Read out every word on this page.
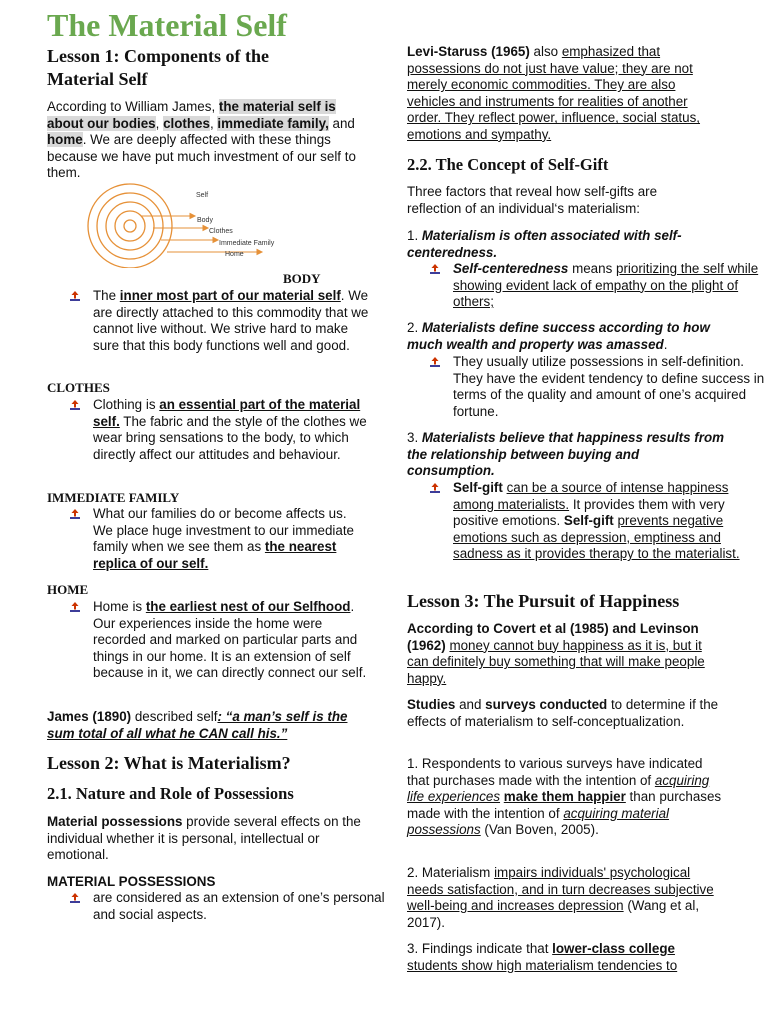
The Material Self
Lesson 1: Components of the
Material Self

According to William James, the material self is about our bodies, clothes, immediate family, and home. We are deeply affected with these things because we have put much investment of our self to them.

Self
Body
Clothes
Immediate Family
Home
BODY

The inner most part of our material self. We are directly attached to this commodity that we cannot live without. We strive hard to make sure that this body functions well and good.

CLOTHES

Clothing is an essential part of the material self. The fabric and the style of the clothes we wear bring sensations to the body, to which directly affect our attitudes and behaviour.

IMMEDIATE FAMILY

What our families do or become affects us. We place huge investment to our immediate family when we see them as the nearest replica of our self.

HOME

Home is the earliest nest of our Selfhood. Our experiences inside the home were recorded and marked on particular parts and things in our home. It is an extension of self because in it, we can directly connect our self.

James (1890) described self: “a man’s self is the sum total of all what he CAN call his.”

Lesson 2: What is Materialism?
2.1. Nature and Role of Possessions

Material possessions provide several effects on the individual whether it is personal, intellectual or emotional.

MATERIAL POSSESSIONS

are considered as an extension of one’s personal and social aspects.

Levi-Staruss (1965) also emphasized that possessions do not just have value; they are not merely economic commodities. They are also vehicles and instruments for realities of another order. They reflect power, influence, social status, emotions and sympathy.

2.2. The Concept of Self-Gift

Three factors that reveal how self-gifts are reflection of an individual‘s materialism:

1. Materialism is often associated with self-centeredness.

Self-centeredness means prioritizing the self while showing evident lack of empathy on the plight of others;

2. Materialists define success according to how much wealth and property was amassed.

They usually utilize possessions in self-definition. They have the evident tendency to define success in terms of the quality and amount of one’s acquired fortune.

3. Materialists believe that happiness results from the relationship between buying and consumption.

Self-gift can be a source of intense happiness among materialists. It provides them with very positive emotions. Self-gift prevents negative emotions such as depression, emptiness and sadness as it provides therapy to the materialist.

Lesson 3: The Pursuit of Happiness

According to Covert et al (1985) and Levinson (1962) money cannot buy happiness as it is, but it can definitely buy something that will make people happy.

Studies and surveys conducted to determine if the effects of materialism to self-conceptualization.

1. Respondents to various surveys have indicated that purchases made with the intention of acquiring life experiences make them happier than purchases made with the intention of acquiring material possessions (Van Boven, 2005).

2. Materialism impairs individuals' psychological needs satisfaction, and in turn decreases subjective well-being and increases depression (Wang et al, 2017).

3. Findings indicate that lower-class college students show high materialism tendencies to
